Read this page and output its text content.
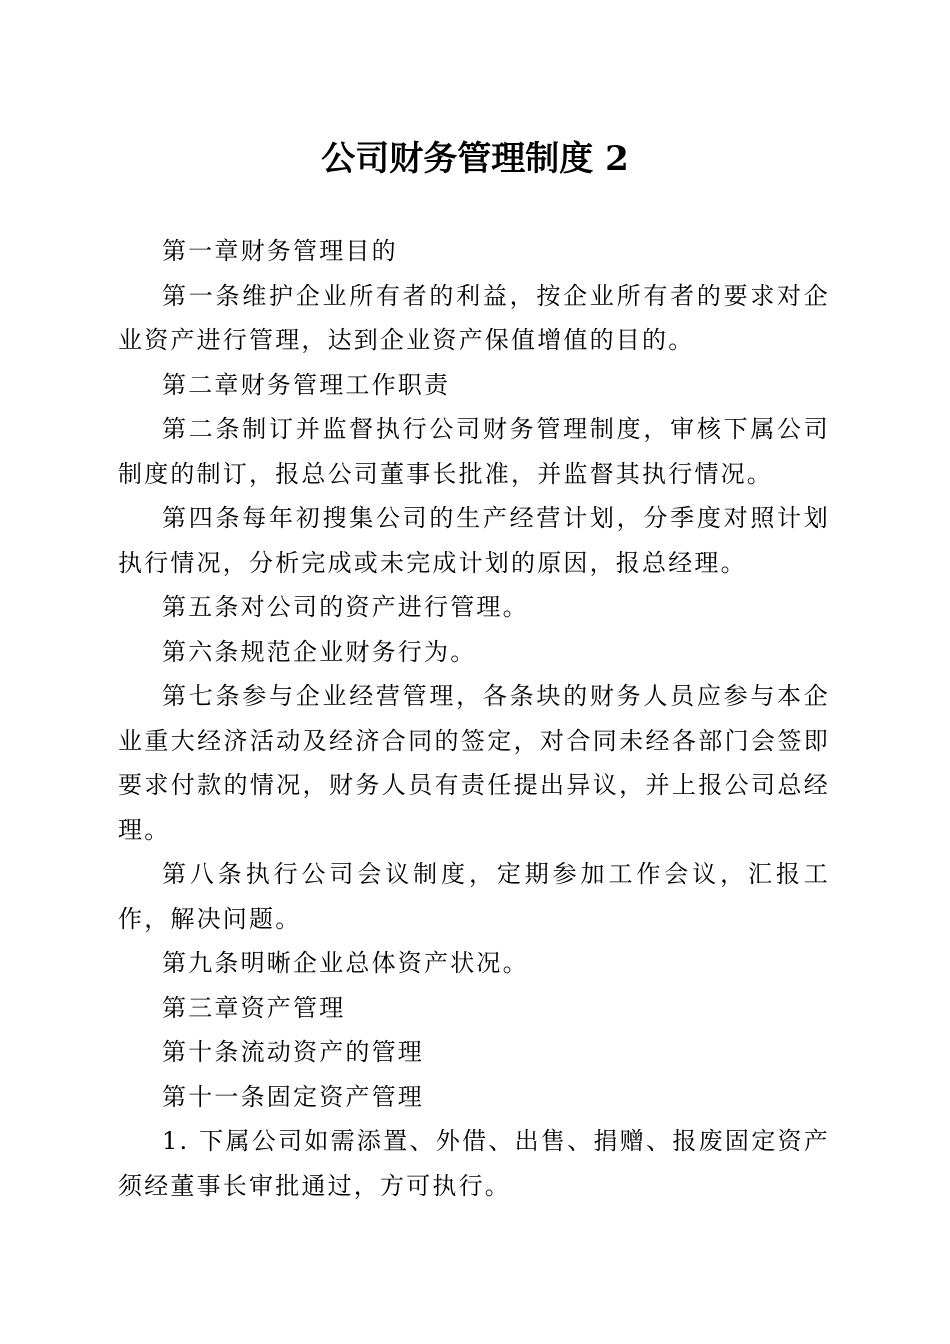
公司财务管理制度 2

第一章财务管理目的

第一条维护企业所有者的利益，按企业所有者的要求对企业资产进行管理，达到企业资产保值增值的目的。

第二章财务管理工作职责

第二条制订并监督执行公司财务管理制度，审核下属公司制度的制订，报总公司董事长批准，并监督其执行情况。

第四条每年初搜集公司的生产经营计划，分季度对照计划执行情况，分析完成或未完成计划的原因，报总经理。

第五条对公司的资产进行管理。

第六条规范企业财务行为。

第七条参与企业经营管理，各条块的财务人员应参与本企业重大经济活动及经济合同的签定，对合同未经各部门会签即要求付款的情况，财务人员有责任提出异议，并上报公司总经理。

第八条执行公司会议制度，定期参加工作会议，汇报工作，解决问题。

第九条明晰企业总体资产状况。

第三章资产管理

第十条流动资产的管理

第十一条固定资产管理

1. 下属公司如需添置、外借、出售、捐赠、报废固定资产须经董事长审批通过，方可执行。
